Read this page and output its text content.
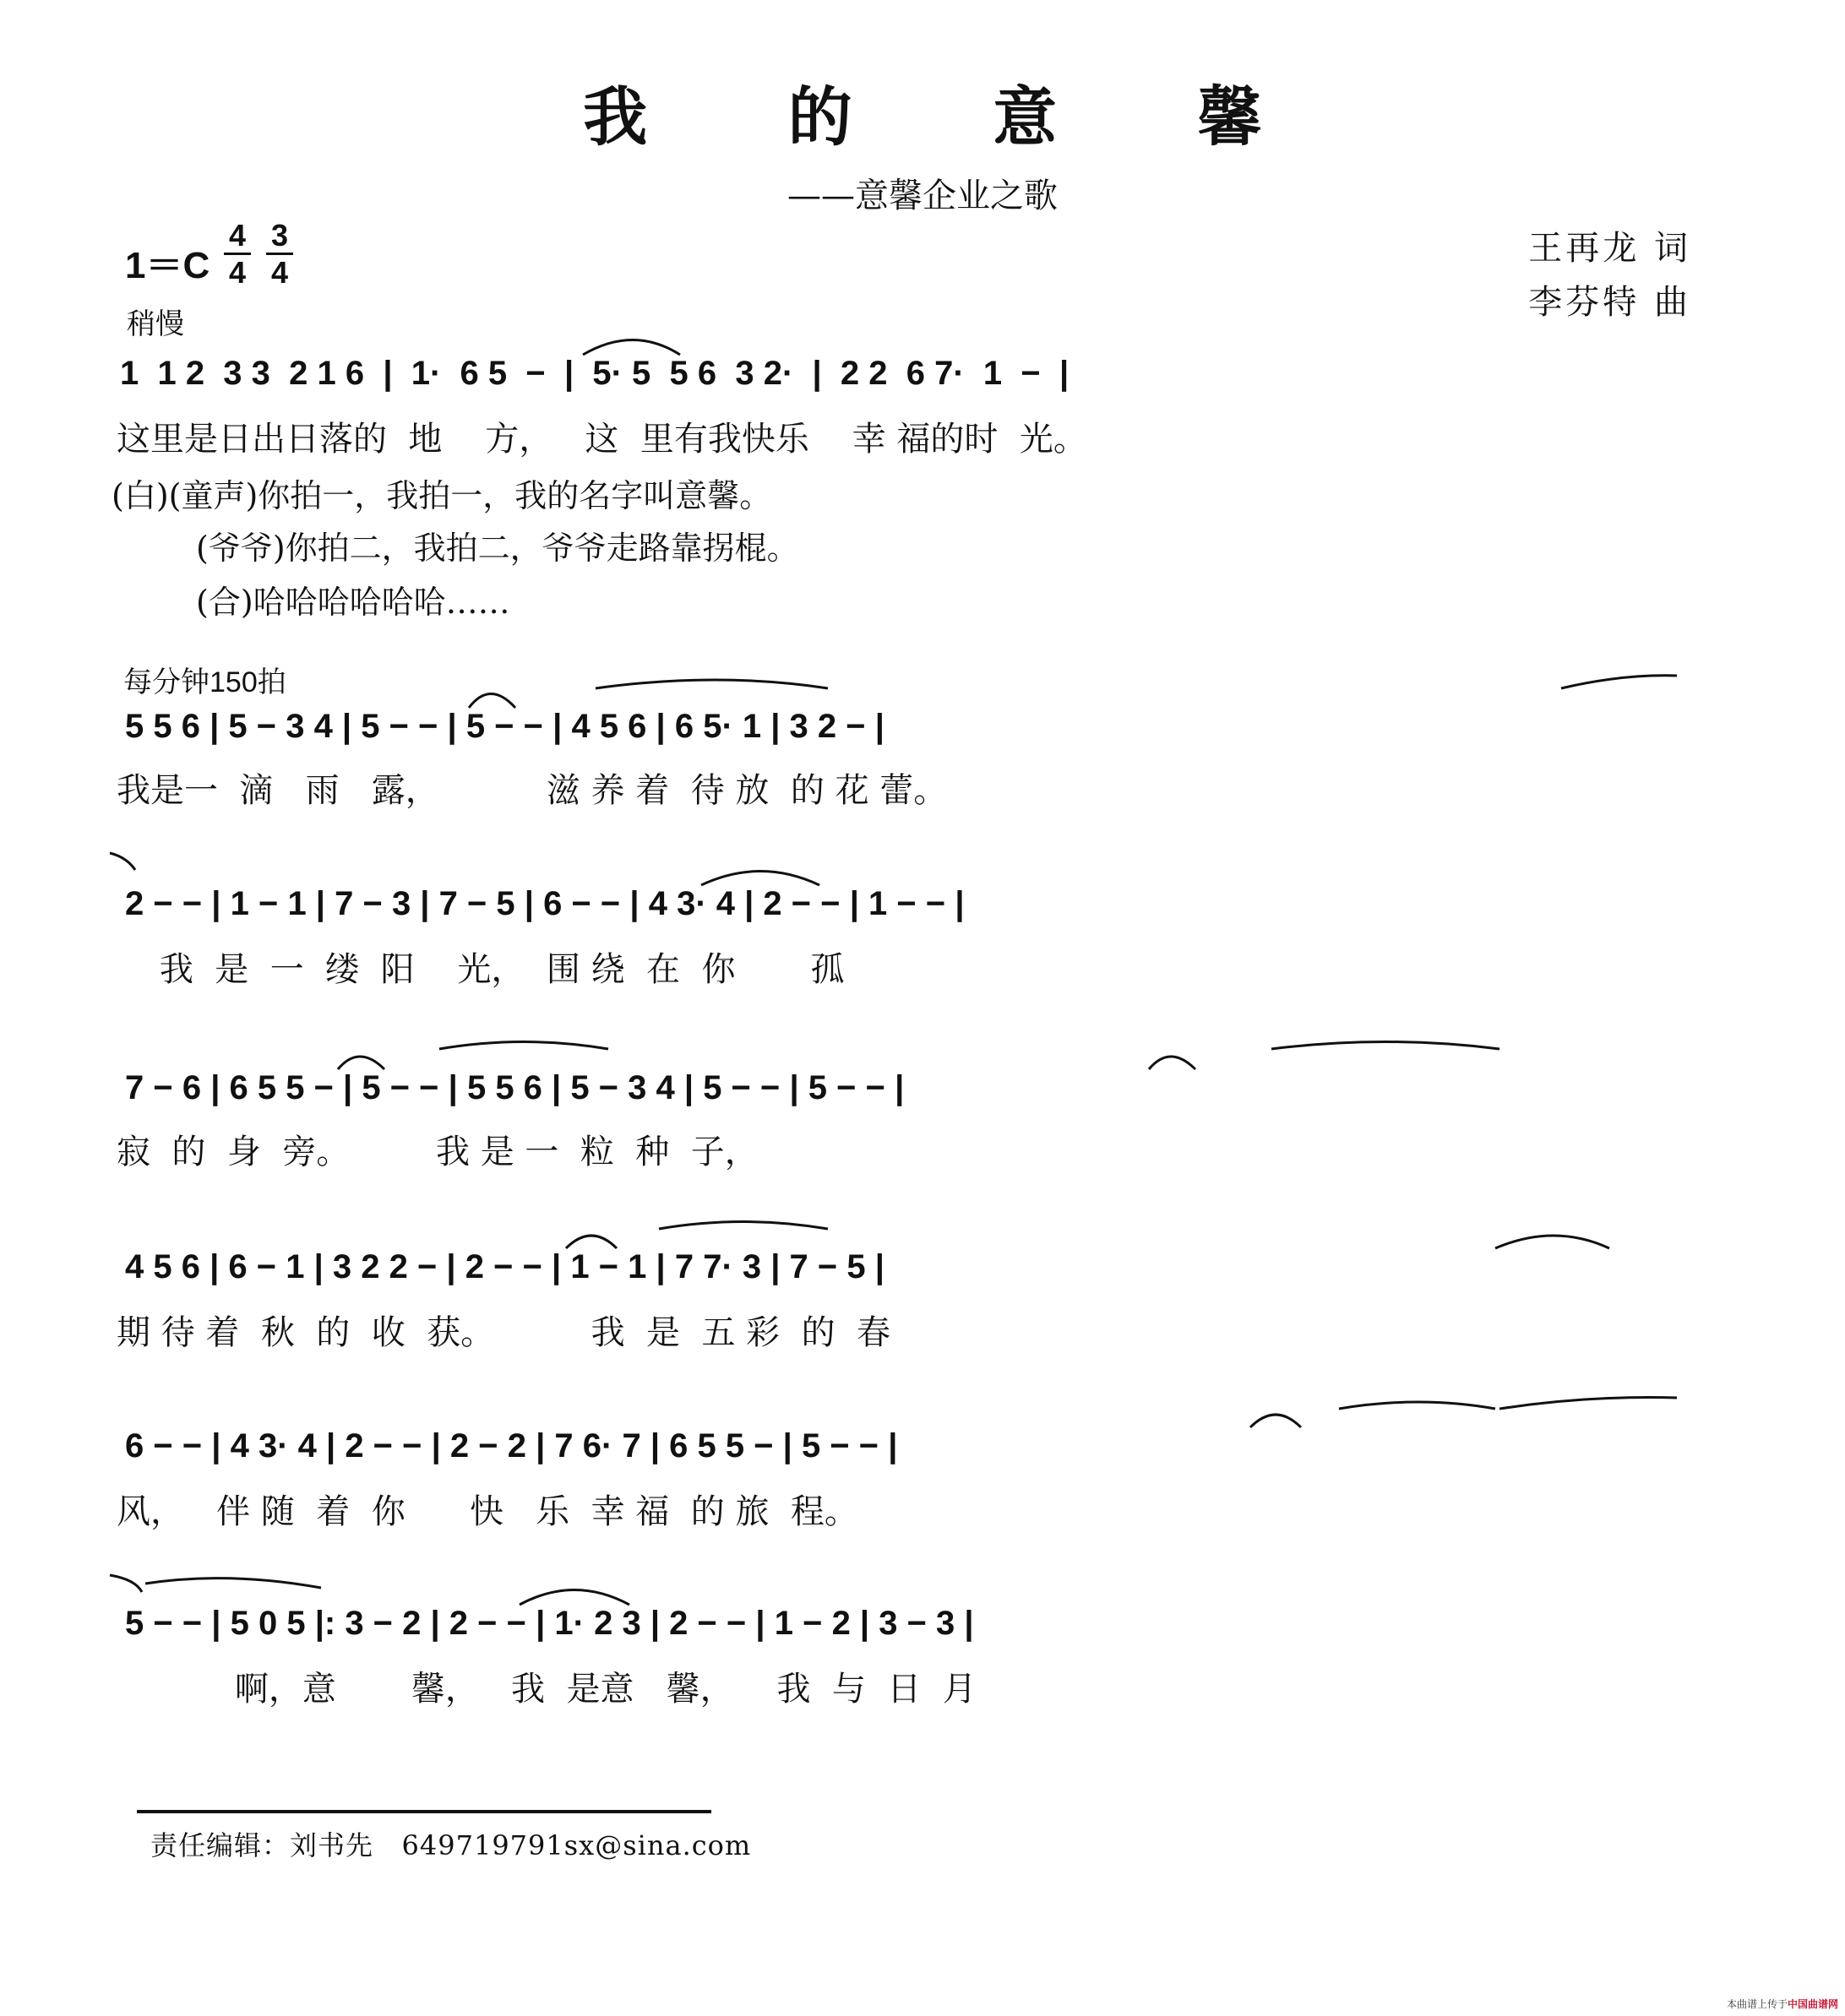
我 的 意 馨
——意馨企业之歌
王再龙 词
李芬特 曲
1＝C
4
4
3
4
稍慢
1  1 2  3 3  2 1 6  |  1·  6 5  −  |  5· 5  5 6  3 2·  |  2 2  6 7·  1  −  |
这里是日出日落的  地    方，   这  里有我快乐    幸 福的时  光。
(白)(童声)你拍一，我拍一，我的名字叫意馨。
(爷爷)你拍二，我拍二，爷爷走路靠拐棍。
(合)哈哈哈哈哈哈……
每分钟150拍
5 5 6 | 5 − 3 4 | 5 − − | 5 − − | 4 5 6 | 6 5· 1 | 3 2 − |
我是一  滴   雨   露，          滋 养 着  待 放  的 花 蕾。
2 − − | 1 − 1 | 7 − 3 | 7 − 5 | 6 − − | 4 3· 4 | 2 − − | 1 − − |
我  是  一  缕  阳    光，  围 绕  在  你       孤
7 − 6 | 6 5 5 − | 5 − − | 5 5 6 | 5 − 3 4 | 5 − − | 5 − − |
寂  的  身  旁。        我 是 一  粒  种  子，
4 5 6 | 6 − 1 | 3 2 2 − | 2 − − | 1 − 1 | 7 7· 3 | 7 − 5 |
期 待 着  秋  的  收  获。         我  是  五 彩  的  春
6 − − | 4 3· 4 | 2 − − | 2 − 2 | 7 6· 7 | 6 5 5 − | 5 − − |
风，   伴 随  着  你      快   乐  幸 福  的 旅  程。
5 − − | 5 0 5 |: 3 − 2 | 2 − − | 1· 2 3 | 2 − − | 1 − 2 | 3 − 3 |
啊，意       馨，   我  是意   馨，    我  与  日  月
责任编辑：刘书先   649719791sx@sina.com
本曲谱上传于中国曲谱网
